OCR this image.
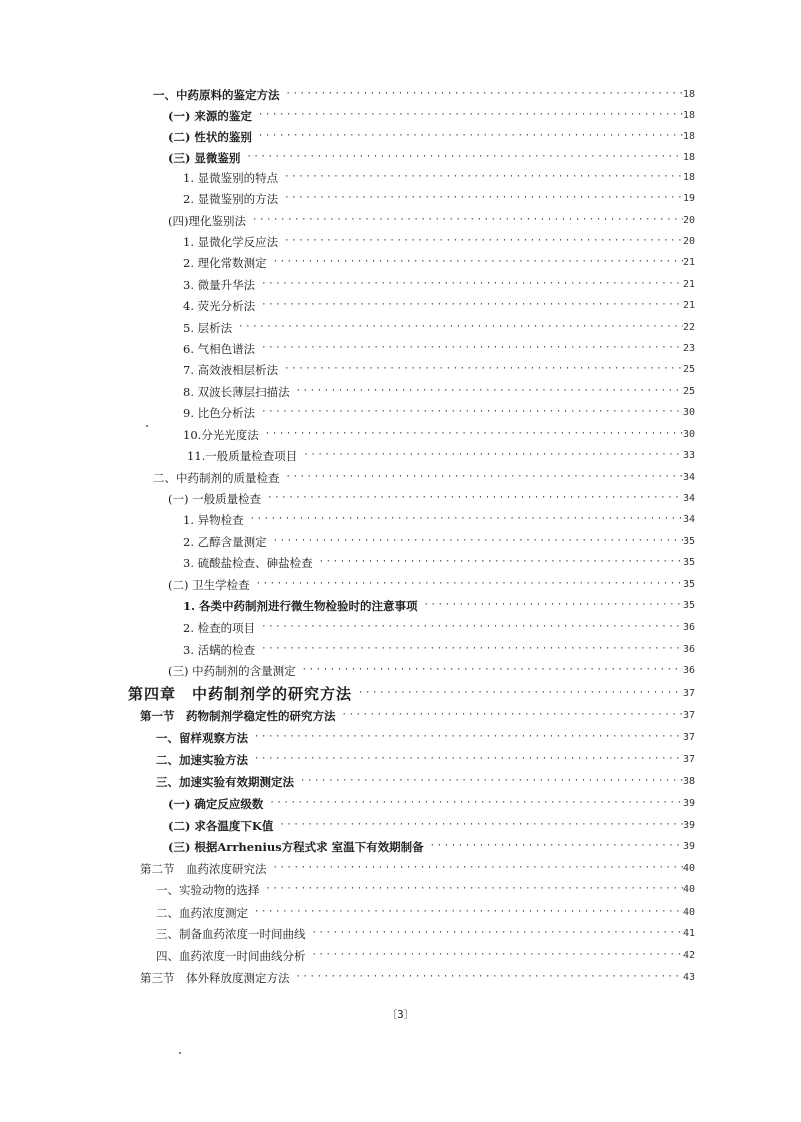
一、中药原料的鉴定方法 ·····	18
(一) 来源的鉴定 ·····	18
(二) 性状的鉴别 ·····	18
(三) 显微鉴别 ·····	18
1. 显微鉴别的特点 ·····	18
2. 显微鉴别的方法 ·····	19
(四)理化鉴别法 ·····	20
1. 显微化学反应法 ·····	20
2. 理化常数测定 ·····	21
3. 微量升华法 ·····	21
4. 荧光分析法 ·····	21
5. 层析法 ·····	22
6. 气相色谱法 ·····	23
7. 高效液相层析法 ·····	25
8. 双波长薄层扫描法 ·····	25
9. 比色分析法 ·····	30
10.分光光度法 ·····	30
11.一般质量检查项目 ·····	33
二、中药制剂的质量检查 ·····	34
(一) 一般质量检查 ·····	34
1. 异物检查 ·····	34
2. 乙醇含量测定 ·····	35
3. 硫酸盐检查、砷盐检查 ·····	35
(二) 卫生学检查 ·····	35
1. 各类中药制剂进行微生物检验时的注意事项 ·····	35
2. 检查的项目 ·····	36
3. 活螨的检查 ·····	36
(三) 中药制剂的含量测定 ·····	36
第四章　中药制剂学的研究方法 ·····	37
第一节　药物制剂学稳定性的研究方法 ·····	37
一、留样观察方法 ·····	37
二、加速实验方法 ·····	37
三、加速实验有效期测定法 ·····	38
(一) 确定反应级数 ·····	39
(二) 求各温度下K值 ·····	39
(三) 根据Arrhenius方程式求 室温下有效期制备 ·····	39
第二节　血药浓度研究法 ·····	40
一、实验动物的选择 ·····	40
二、血药浓度测定 ·····	40
三、制备血药浓度一时间曲线 ·····	41
四、血药浓度一时间曲线分析 ·····	42
第三节　体外释放度测定方法 ·····	43
〔3〕
